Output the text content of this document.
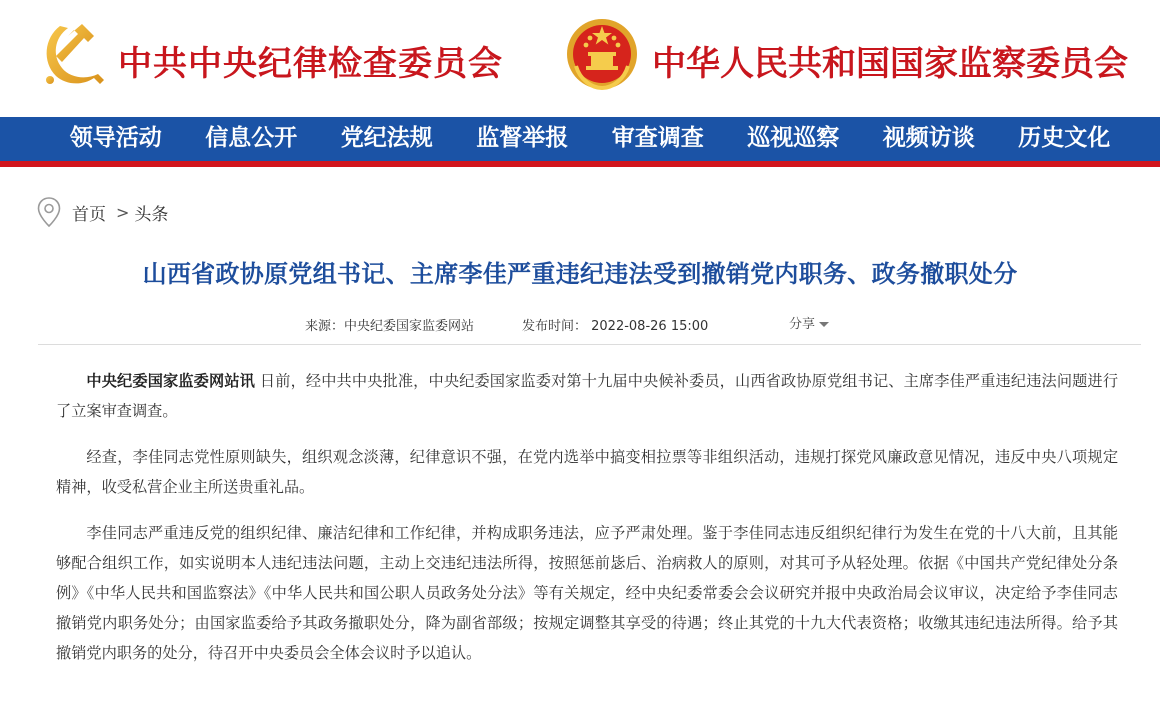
中共中央纪律检查委员会	中华人民共和国国家监察委员会
领导活动	信息公开	党纪法规	监督举报	审查调查	巡视巡察	视频访谈	历史文化
首页 > 头条
山西省政协原党组书记、主席李佳严重违纪违法受到撤销党内职务、政务撤职处分
来源：中央纪委国家监委网站	发布时间： 2022-08-26 15:00	分享

中央纪委国家监委网站讯 日前，经中共中央批准，中央纪委国家监委对第十九届中央候补委员，山西省政协原党组书记、主席李佳严重违纪违法问题进行了立案审查调查。

经查，李佳同志党性原则缺失，组织观念淡薄，纪律意识不强，在党内选举中搞变相拉票等非组织活动，违规打探党风廉政意见情况，违反中央八项规定精神，收受私营企业主所送贵重礼品。

李佳同志严重违反党的组织纪律、廉洁纪律和工作纪律，并构成职务违法，应予严肃处理。鉴于李佳同志违反组织纪律行为发生在党的十八大前，且其能够配合组织工作，如实说明本人违纪违法问题，主动上交违纪违法所得，按照惩前毖后、治病救人的原则，对其可予从轻处理。依据《中国共产党纪律处分条例》《中华人民共和国监察法》《中华人民共和国公职人员政务处分法》等有关规定，经中央纪委常委会会议研究并报中央政治局会议审议，决定给予李佳同志撤销党内职务处分；由国家监委给予其政务撤职处分，降为副省部级；按规定调整其享受的待遇；终止其党的十九大代表资格；收缴其违纪违法所得。给予其撤销党内职务的处分，待召开中央委员会全体会议时予以追认。
